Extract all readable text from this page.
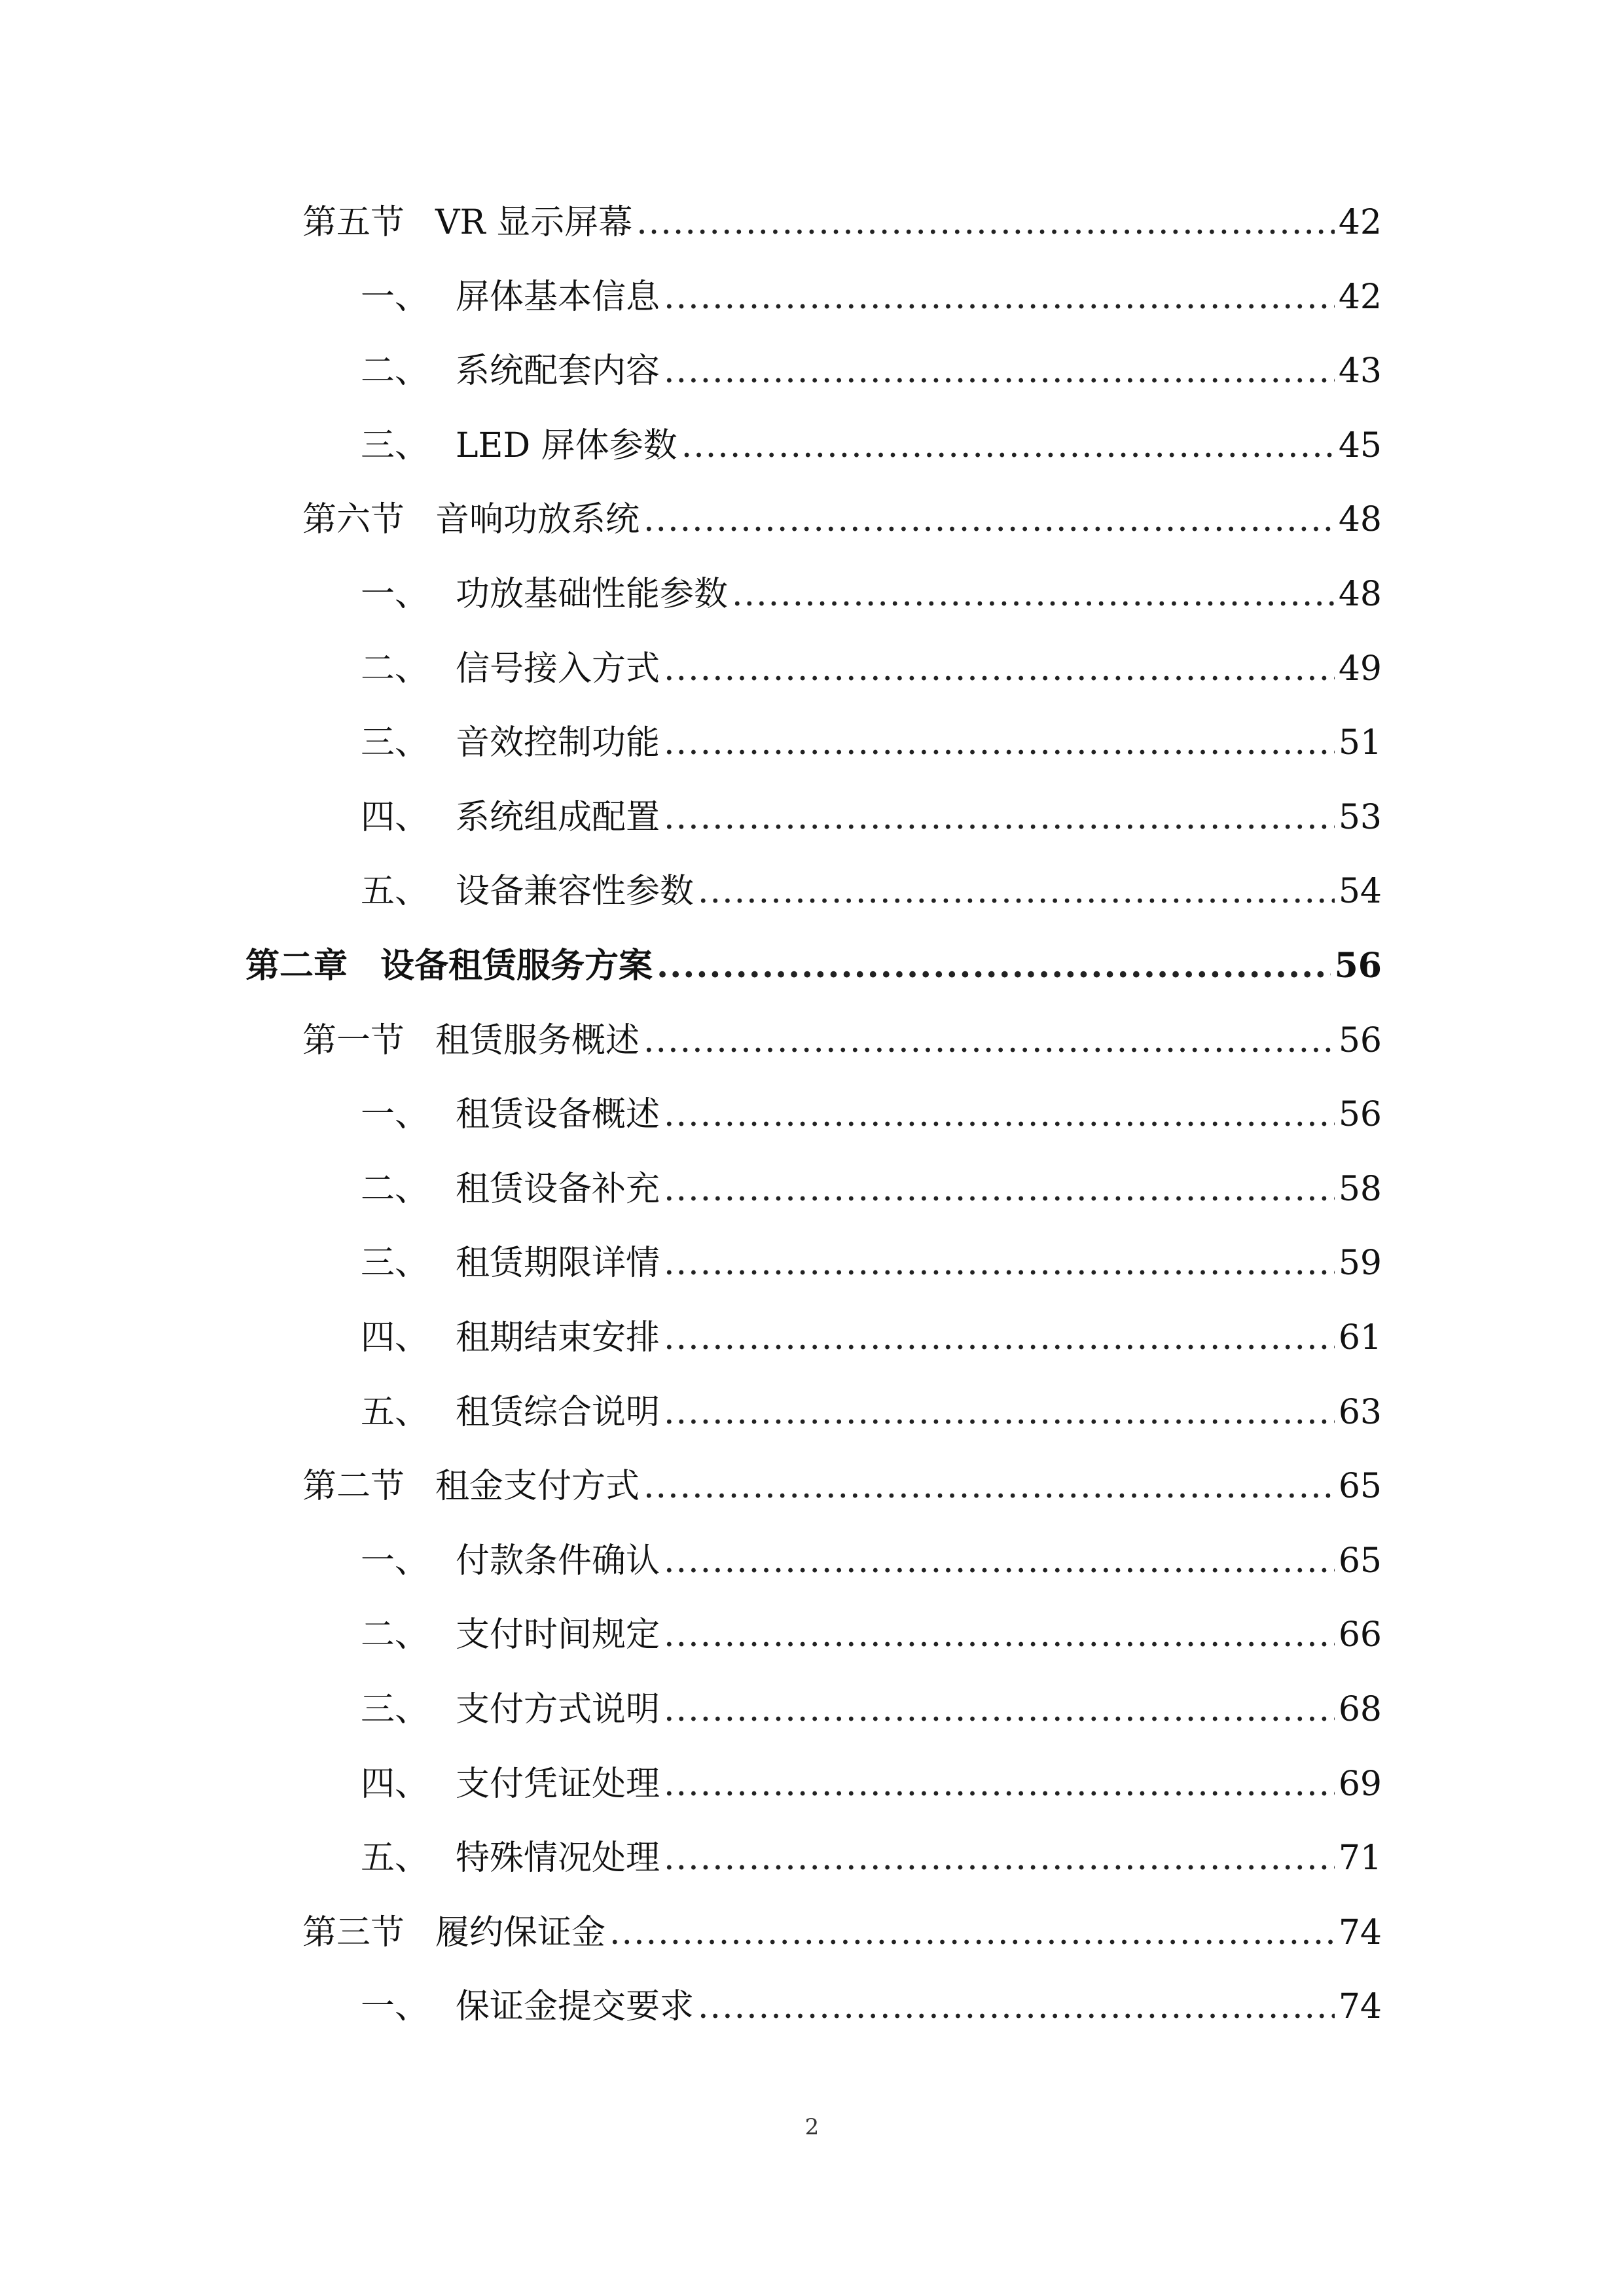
第五节 VR 显示屏幕 .....	42
一、 屏体基本信息 .....	42
二、 系统配套内容 .....	43
三、 LED 屏体参数 .....	45
第六节 音响功放系统 .....	48
一、 功放基础性能参数 .....	48
二、 信号接入方式 .....	49
三、 音效控制功能 .....	51
四、 系统组成配置 .....	53
五、 设备兼容性参数 .....	54
第二章 设备租赁服务方案 .....	56
第一节 租赁服务概述 .....	56
一、 租赁设备概述 .....	56
二、 租赁设备补充 .....	58
三、 租赁期限详情 .....	59
四、 租期结束安排 .....	61
五、 租赁综合说明 .....	63
第二节 租金支付方式 .....	65
一、 付款条件确认 .....	65
二、 支付时间规定 .....	66
三、 支付方式说明 .....	68
四、 支付凭证处理 .....	69
五、 特殊情况处理 .....	71
第三节 履约保证金 .....	74
一、 保证金提交要求 .....	74
2
